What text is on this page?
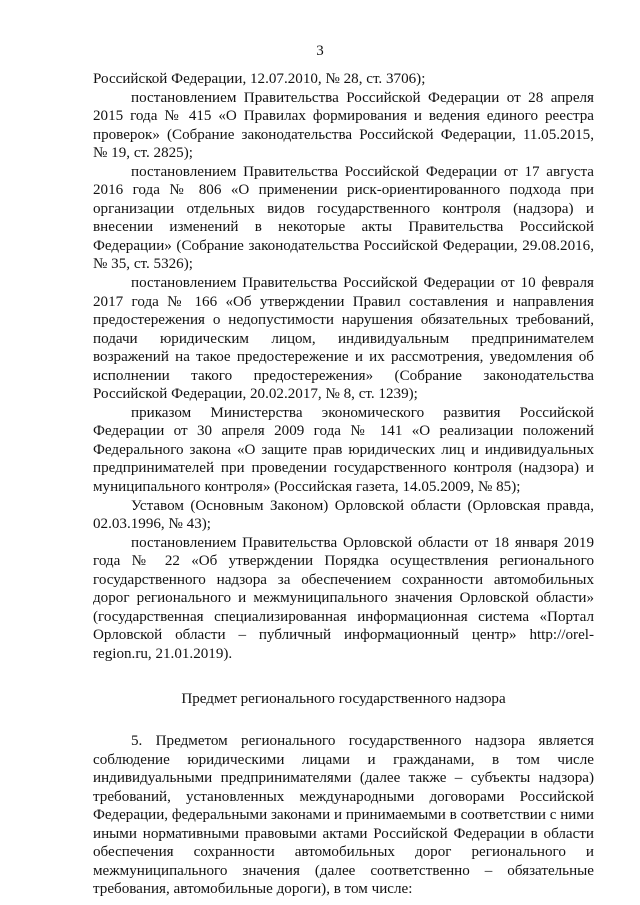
3

Российской Федерации, 12.07.2010, № 28, ст. 3706);

постановлением Правительства Российской Федерации от 28 апреля 2015 года № 415 «О Правилах формирования и ведения единого реестра проверок» (Собрание законодательства Российской Федерации, 11.05.2015, № 19, ст. 2825);

постановлением Правительства Российской Федерации от 17 августа 2016 года № 806 «О применении риск-ориентированного подхода при организации отдельных видов государственного контроля (надзора) и внесении изменений в некоторые акты Правительства Российской Федерации» (Собрание законодательства Российской Федерации, 29.08.2016, № 35, ст. 5326);

постановлением Правительства Российской Федерации от 10 февраля 2017 года № 166 «Об утверждении Правил составления и направления предостережения о недопустимости нарушения обязательных требований, подачи юридическим лицом, индивидуальным предпринимателем возражений на такое предостережение и их рассмотрения, уведомления об исполнении такого предостережения» (Собрание законодательства Российской Федерации, 20.02.2017, № 8, ст. 1239);

приказом Министерства экономического развития Российской Федерации от 30 апреля 2009 года № 141 «О реализации положений Федерального закона «О защите прав юридических лиц и индивидуальных предпринимателей при проведении государственного контроля (надзора) и муниципального контроля» (Российская газета, 14.05.2009, № 85);

Уставом (Основным Законом) Орловской области (Орловская правда, 02.03.1996, № 43);

постановлением Правительства Орловской области от 18 января 2019 года № 22 «Об утверждении Порядка осуществления регионального государственного надзора за обеспечением сохранности автомобильных дорог регионального и межмуниципального значения Орловской области» (государственная специализированная информационная система «Портал Орловской области – публичный информационный центр» http://orel-region.ru, 21.01.2019).

Предмет регионального государственного надзора

5. Предметом регионального государственного надзора является соблюдение юридическими лицами и гражданами, в том числе индивидуальными предпринимателями (далее также – субъекты надзора) требований, установленных международными договорами Российской Федерации, федеральными законами и принимаемыми в соответствии с ними иными нормативными правовыми актами Российской Федерации в области обеспечения сохранности автомобильных дорог регионального и межмуниципального значения (далее соответственно – обязательные требования, автомобильные дороги), в том числе:
